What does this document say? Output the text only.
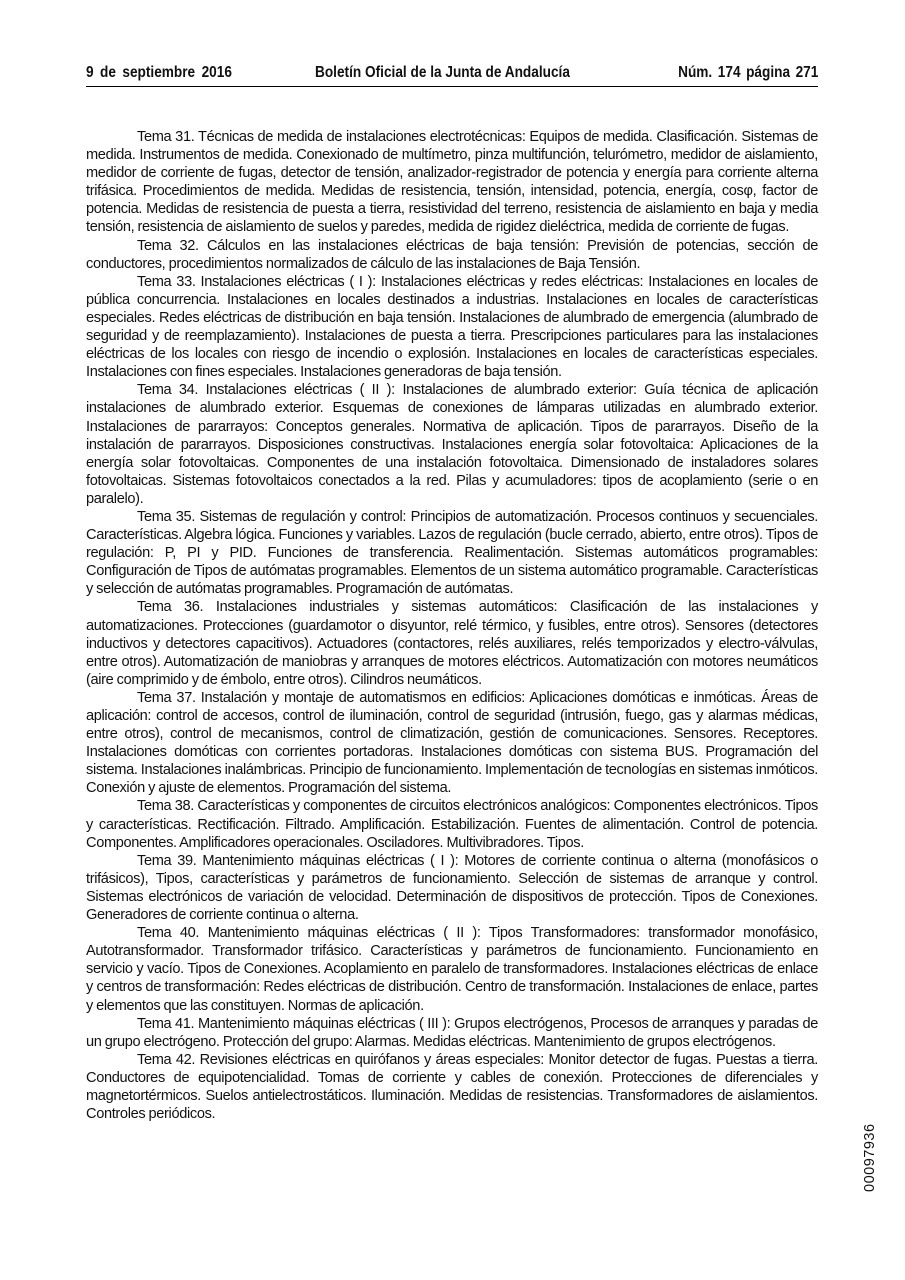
9 de septiembre 2016	Boletín Oficial de la Junta de Andalucía	Núm. 174 página 271

Tema 31. Técnicas de medida de instalaciones electrotécnicas: Equipos de medida. Clasificación. Sistemas de medida. Instrumentos de medida. Conexionado de multímetro, pinza multifunción, telurómetro, medidor de aislamiento, medidor de corriente de fugas, detector de tensión, analizador-registrador de potencia y energía para corriente alterna trifásica. Procedimientos de medida. Medidas de resistencia, tensión, intensidad, potencia, energía, cosφ, factor de potencia. Medidas de resistencia de puesta a tierra, resistividad del terreno, resistencia de aislamiento en baja y media tensión, resistencia de aislamiento de suelos y paredes, medida de rigidez dieléctrica, medida de corriente de fugas.

Tema 32. Cálculos en las instalaciones eléctricas de baja tensión: Previsión de potencias, sección de conductores, procedimientos normalizados de cálculo de las instalaciones de Baja Tensión.

Tema 33. Instalaciones eléctricas ( I ): Instalaciones eléctricas y redes eléctricas: Instalaciones en locales de pública concurrencia. Instalaciones en locales destinados a industrias. Instalaciones en locales de características especiales. Redes eléctricas de distribución en baja tensión. Instalaciones de alumbrado de emergencia (alumbrado de seguridad y de reemplazamiento). Instalaciones de puesta a tierra. Prescripciones particulares para las instalaciones eléctricas de los locales con riesgo de incendio o explosión. Instalaciones en locales de características especiales. Instalaciones con fines especiales. Instalaciones generadoras de baja tensión.

Tema 34. Instalaciones eléctricas ( II ): Instalaciones de alumbrado exterior: Guía técnica de aplicación instalaciones de alumbrado exterior. Esquemas de conexiones de lámparas utilizadas en alumbrado exterior. Instalaciones de pararrayos: Conceptos generales. Normativa de aplicación. Tipos de pararrayos. Diseño de la instalación de pararrayos. Disposiciones constructivas. Instalaciones energía solar fotovoltaica: Aplicaciones de la energía solar fotovoltaicas. Componentes de una instalación fotovoltaica. Dimensionado de instaladores solares fotovoltaicas. Sistemas fotovoltaicos conectados a la red. Pilas y acumuladores: tipos de acoplamiento (serie o en paralelo).

Tema 35. Sistemas de regulación y control: Principios de automatización. Procesos continuos y secuenciales. Características. Algebra lógica. Funciones y variables. Lazos de regulación (bucle cerrado, abierto, entre otros). Tipos de regulación: P, PI y PID. Funciones de transferencia. Realimentación. Sistemas automáticos programables: Configuración de Tipos de autómatas programables. Elementos de un sistema automático programable. Características y selección de autómatas programables. Programación de autómatas.

Tema 36. Instalaciones industriales y sistemas automáticos: Clasificación de las instalaciones y automatizaciones. Protecciones (guardamotor o disyuntor, relé térmico, y fusibles, entre otros). Sensores (detectores inductivos y detectores capacitivos). Actuadores (contactores, relés auxiliares, relés temporizados y electro-válvulas, entre otros). Automatización de maniobras y arranques de motores eléctricos. Automatización con motores neumáticos (aire comprimido y de émbolo, entre otros). Cilindros neumáticos.

Tema 37. Instalación y montaje de automatismos en edificios: Aplicaciones domóticas e inmóticas. Áreas de aplicación: control de accesos, control de iluminación, control de seguridad (intrusión, fuego, gas y alarmas médicas, entre otros), control de mecanismos, control de climatización, gestión de comunicaciones. Sensores. Receptores. Instalaciones domóticas con corrientes portadoras. Instalaciones domóticas con sistema BUS. Programación del sistema. Instalaciones inalámbricas. Principio de funcionamiento. Implementación de tecnologías en sistemas inmóticos. Conexión y ajuste de elementos. Programación del sistema.

Tema 38. Características y componentes de circuitos electrónicos analógicos: Componentes electrónicos. Tipos y características. Rectificación. Filtrado. Amplificación. Estabilización. Fuentes de alimentación. Control de potencia. Componentes. Amplificadores operacionales. Osciladores. Multivibradores. Tipos.

Tema 39. Mantenimiento máquinas eléctricas ( I ): Motores de corriente continua o alterna (monofásicos o trifásicos), Tipos, características y parámetros de funcionamiento. Selección de sistemas de arranque y control. Sistemas electrónicos de variación de velocidad. Determinación de dispositivos de protección. Tipos de Conexiones. Generadores de corriente continua o alterna.

Tema 40. Mantenimiento máquinas eléctricas ( II ): Tipos Transformadores: transformador monofásico, Autotransformador. Transformador trifásico. Características y parámetros de funcionamiento. Funcionamiento en servicio y vacío. Tipos de Conexiones. Acoplamiento en paralelo de transformadores. Instalaciones eléctricas de enlace y centros de transformación: Redes eléctricas de distribución. Centro de transformación. Instalaciones de enlace, partes y elementos que las constituyen. Normas de aplicación.

Tema 41. Mantenimiento máquinas eléctricas ( III ): Grupos electrógenos, Procesos de arranques y paradas de un grupo electrógeno. Protección del grupo: Alarmas. Medidas eléctricas. Mantenimiento de grupos electrógenos.

Tema 42. Revisiones eléctricas en quirófanos y áreas especiales: Monitor detector de fugas. Puestas a tierra. Conductores de equipotencialidad. Tomas de corriente y cables de conexión. Protecciones de diferenciales y magnetortérmicos. Suelos antielectrostáticos. Iluminación. Medidas de resistencias. Transformadores de aislamientos. Controles periódicos.

00097936
